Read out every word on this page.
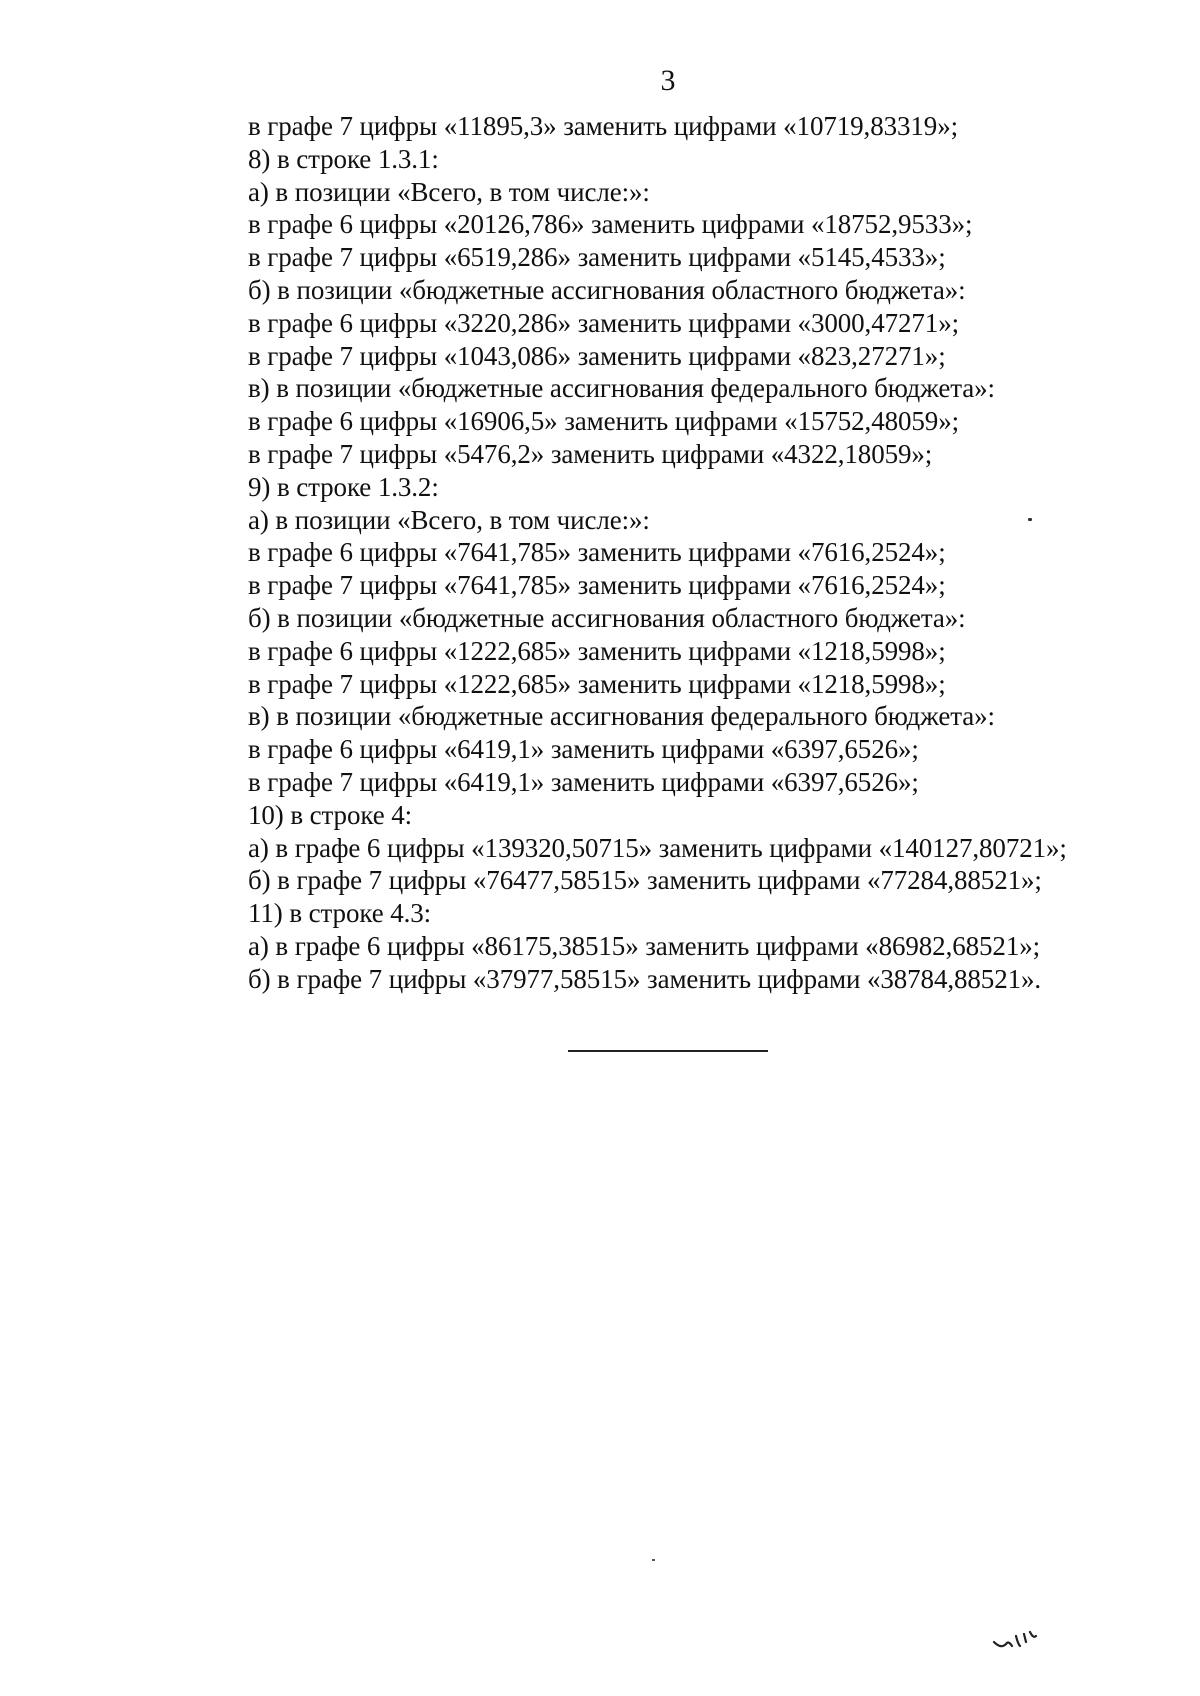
3
в графе 7 цифры «11895,3» заменить цифрами «10719,83319»;
8) в строке 1.3.1:
а) в позиции «Всего, в том числе:»:
в графе 6 цифры «20126,786» заменить цифрами «18752,9533»;
в графе 7 цифры «6519,286» заменить цифрами «5145,4533»;
б) в позиции «бюджетные ассигнования областного бюджета»:
в графе 6 цифры «3220,286» заменить цифрами «3000,47271»;
в графе 7 цифры «1043,086» заменить цифрами «823,27271»;
в) в позиции «бюджетные ассигнования федерального бюджета»:
в графе 6 цифры «16906,5» заменить цифрами «15752,48059»;
в графе 7 цифры «5476,2» заменить цифрами «4322,18059»;
9) в строке 1.3.2:
а) в позиции «Всего, в том числе:»:
в графе 6 цифры «7641,785» заменить цифрами «7616,2524»;
в графе 7 цифры «7641,785» заменить цифрами «7616,2524»;
б) в позиции «бюджетные ассигнования областного бюджета»:
в графе 6 цифры «1222,685» заменить цифрами «1218,5998»;
в графе 7 цифры «1222,685» заменить цифрами «1218,5998»;
в) в позиции «бюджетные ассигнования федерального бюджета»:
в графе 6 цифры «6419,1» заменить цифрами «6397,6526»;
в графе 7 цифры «6419,1» заменить цифрами «6397,6526»;
10) в строке 4:
а) в графе 6 цифры «139320,50715» заменить цифрами «140127,80721»;
б) в графе 7 цифры «76477,58515» заменить цифрами «77284,88521»;
11) в строке 4.3:
а) в графе 6 цифры «86175,38515» заменить цифрами «86982,68521»;
б) в графе 7 цифры «37977,58515» заменить цифрами «38784,88521».
